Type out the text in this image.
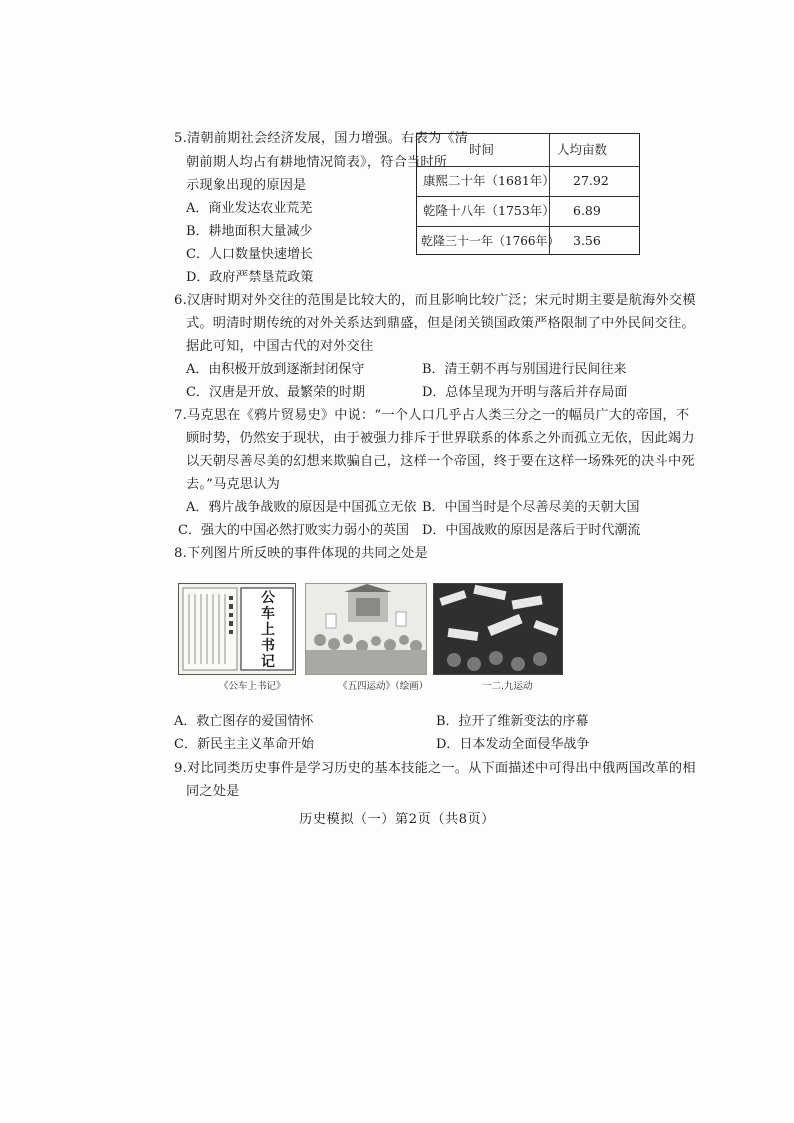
5.清朝前期社会经济发展，国力增强。右表为《清
朝前期人均占有耕地情况简表》，符合当时所
示现象出现的原因是
A．商业发达农业荒芜
B．耕地面积大量减少
C．人口数量快速增长
D．政府严禁垦荒政策
时间	人均亩数
康熙二十年（1681年） 27.92
乾隆十八年（1753年） 6.89
乾隆三十一年（1766年） 3.56
6.汉唐时期对外交往的范围是比较大的，而且影响比较广泛；宋元时期主要是航海外交模
式。明清时期传统的对外关系达到鼎盛，但是闭关锁国政策严格限制了中外民间交往。
据此可知，中国古代的对外交往
A．由积极开放到逐渐封闭保守	B．清王朝不再与别国进行民间往来
C．汉唐是开放、最繁荣的时期	D．总体呈现为开明与落后并存局面
7.马克思在《鸦片贸易史》中说：“一个人口几乎占人类三分之一的幅员广大的帝国，不
顾时势，仍然安于现状，由于被强力排斥于世界联系的体系之外而孤立无依，因此竭力
以天朝尽善尽美的幻想来欺骗自己，这样一个帝国，终于要在这样一场殊死的决斗中死
去。”马克思认为
A．鸦片战争战败的原因是中国孤立无依 B．中国当时是个尽善尽美的天朝大国
C．强大的中国必然打败实力弱小的英国 D．中国战败的原因是落后于时代潮流
8.下列图片所反映的事件体现的共同之处是
公
车
上
书
记
《公车上书记》	《五四运动》（绘画）	一二.九运动
A．救亡图存的爱国情怀	B．拉开了维新变法的序幕
C．新民主主义革命开始	D．日本发动全面侵华战争
9.对比同类历史事件是学习历史的基本技能之一。从下面描述中可得出中俄两国改革的相
同之处是
历史模拟（一）第2页（共8页）
